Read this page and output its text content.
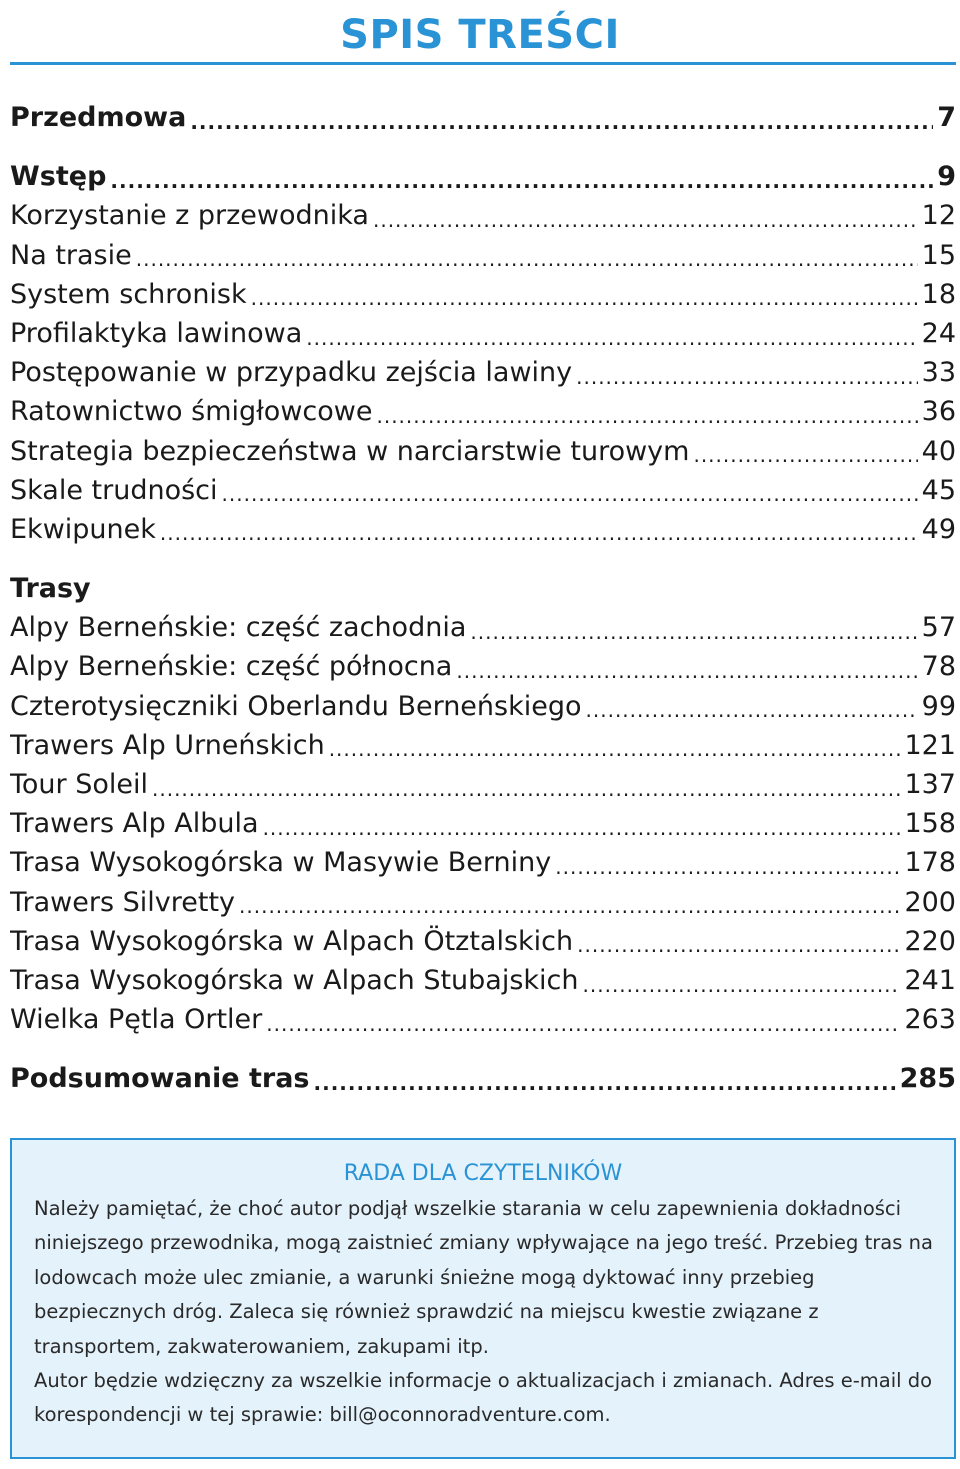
SPIS TREŚCI
Przedmowa .....	7
Wstęp .....	9
Korzystanie z przewodnika .....	12
Na trasie .....	15
System schronisk .....	18
Profilaktyka lawinowa .....	24
Postępowanie w przypadku zejścia lawiny .....	33
Ratownictwo śmigłowcowe .....	36
Strategia bezpieczeństwa w narciarstwie turowym .....	40
Skale trudności .....	45
Ekwipunek .....	49
Trasy
Alpy Berneńskie: część zachodnia .....	57
Alpy Berneńskie: część północna .....	78
Czterotysięczniki Oberlandu Berneńskiego .....	99
Trawers Alp Urneńskich .....	121
Tour Soleil .....	137
Trawers Alp Albula .....	158
Trasa Wysokogórska w Masywie Berniny .....	178
Trawers Silvretty .....	200
Trasa Wysokogórska w Alpach Ötztalskich .....	220
Trasa Wysokogórska w Alpach Stubajskich .....	241
Wielka Pętla Ortler .....	263
Podsumowanie tras .....	285
RADA DLA CZYTELNIKÓW

Należy pamiętać, że choć autor podjął wszelkie starania w celu zapewnienia dokładności niniejszego przewodnika, mogą zaistnieć zmiany wpływające na jego treść. Przebieg tras na lodowcach może ulec zmianie, a warunki śnieżne mogą dyktować inny przebieg bezpiecznych dróg. Zaleca się również sprawdzić na miejscu kwestie związane z transportem, zakwaterowaniem, zakupami itp.

Autor będzie wdzięczny za wszelkie informacje o aktualizacjach i zmianach. Adres e-mail do korespondencji w tej sprawie: bill@oconnoradventure.com.
